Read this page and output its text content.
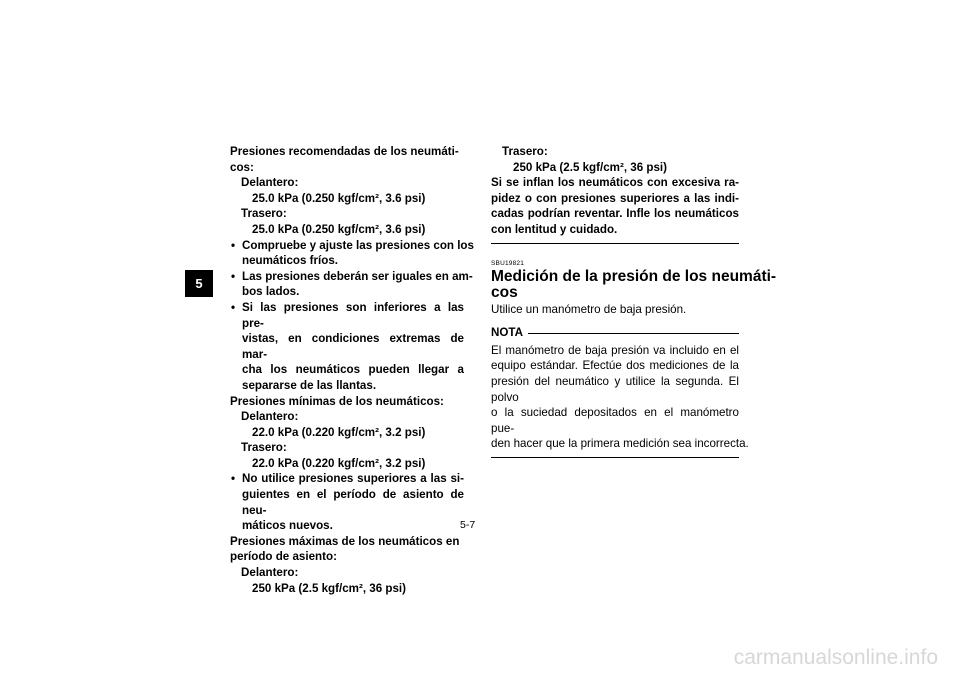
5
Presiones recomendadas de los neumáti-
cos:
Delantero:
25.0 kPa (0.250 kgf/cm², 3.6 psi)
Trasero:
25.0 kPa (0.250 kgf/cm², 3.6 psi)
• Compruebe y ajuste las presiones con los
neumáticos fríos.
• Las presiones deberán ser iguales en am-
bos lados.
• Si las presiones son inferiores a las pre-
vistas, en condiciones extremas de mar-
cha los neumáticos pueden llegar a
separarse de las llantas.
Presiones mínimas de los neumáticos:
Delantero:
22.0 kPa (0.220 kgf/cm², 3.2 psi)
Trasero:
22.0 kPa (0.220 kgf/cm², 3.2 psi)
• No utilice presiones superiores a las si-
guientes en el período de asiento de neu-
máticos nuevos.
Presiones máximas de los neumáticos en
período de asiento:
Delantero:
250 kPa (2.5 kgf/cm², 36 psi)
Trasero:
250 kPa (2.5 kgf/cm², 36 psi)
Si se inflan los neumáticos con excesiva ra-
pidez o con presiones superiores a las indi-
cadas podrían reventar. Infle los neumáticos
con lentitud y cuidado.
SBU19821
Medición de la presión de los neumáti-
cos
Utilice un manómetro de baja presión.
NOTA
El manómetro de baja presión va incluido en el
equipo estándar. Efectúe dos mediciones de la
presión del neumático y utilice la segunda. El polvo
o la suciedad depositados en el manómetro pue-
den hacer que la primera medición sea incorrecta.
5-7
carmanualsonline.info
